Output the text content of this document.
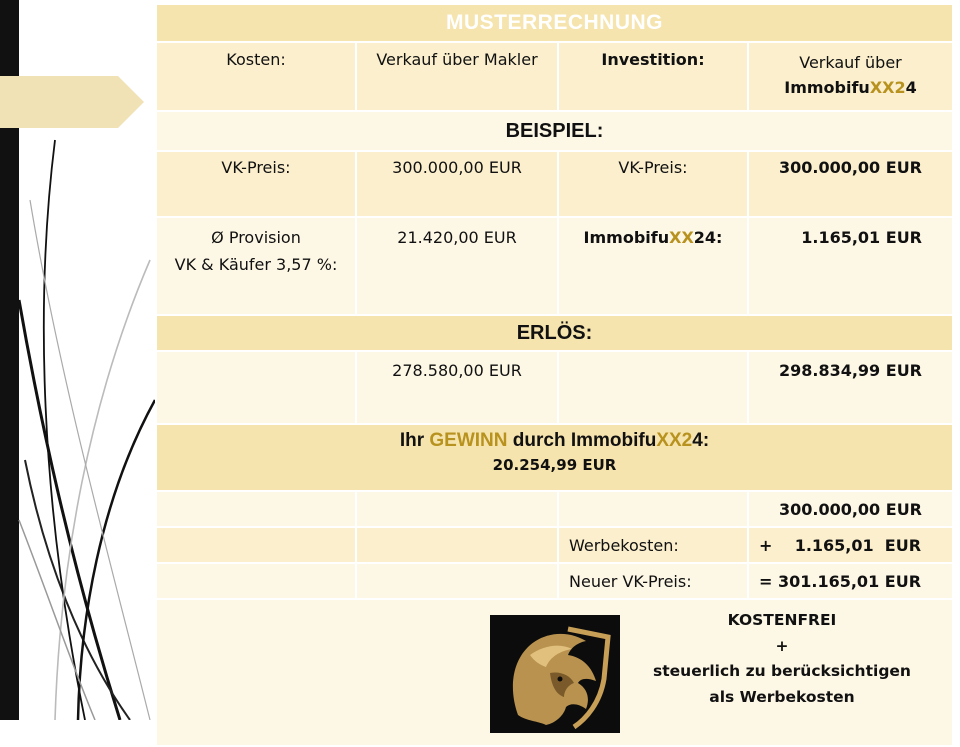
MUSTERRECHNUNG			
Kosten:	Verkauf über Makler	Investition:	Verkauf über
ImmobifuXX24

BEISPIEL:			
VK-Preis:	300.000,00 EUR	VK-Preis:	300.000,00 EUR

Ø Provision
VK & Käufer 3,57 %:	21.420,00 EUR	ImmobifuXX24:	1.165,01 EUR
ERLÖS:			
	278.580,00 EUR		298.834,99 EUR

Ihr GEWINN durch ImmobifuXX24:
20.254,99 EUR			

			300.000,00 EUR
		Werbekosten:	+    1.165,01  EUR
		Neuer VK-Preis:	= 301.165,01 EUR

KOSTENFREI
+
steuerlich zu berücksichtigen
als Werbekosten			
